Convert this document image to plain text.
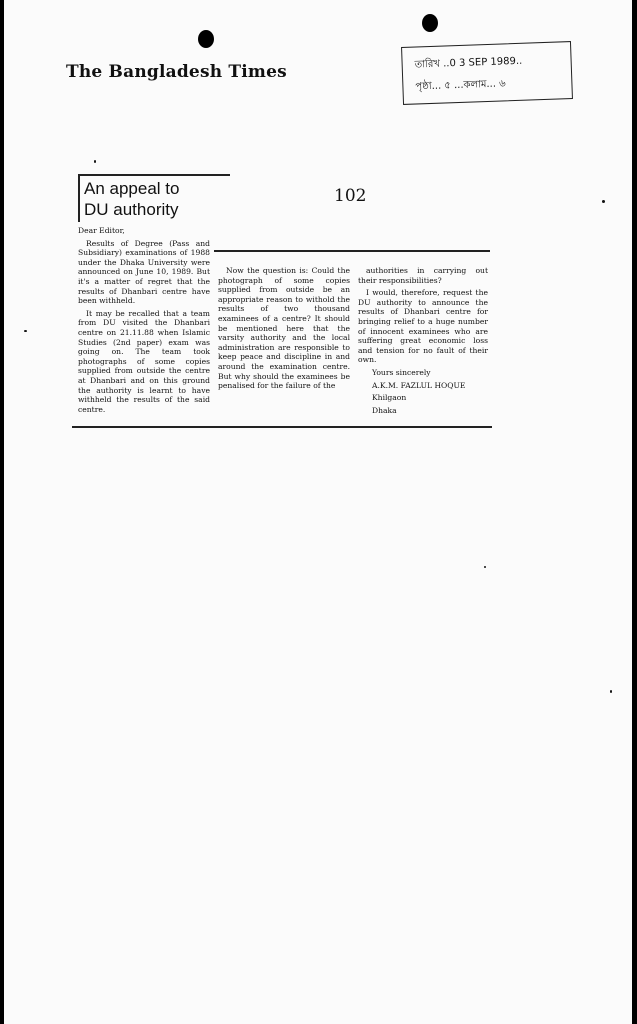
The Bangladesh Times	তারিখ ..0 3 SEP 1989..
পৃষ্ঠা... ৫ ...কলাম... ৬
102
An appeal to
DU authority

Dear Editor,

Results of Degree (Pass and Subsidiary) examinations of 1988 under the Dhaka University were announced on June 10, 1989. But it's a matter of regret that the results of Dhanbari centre have been withheld.

It may be recalled that a team from DU visited the Dhanbari centre on 21.11.88 when Islamic Studies (2nd paper) exam was going on. The team took photographs of some copies supplied from outside the centre at Dhanbari and on this ground the authority is learnt to have withheld the results of the said centre.

Now the question is: Could the photograph of some copies supplied from outside be an appropriate reason to withold the results of two thousand examinees of a centre? It should be mentioned here that the varsity authority and the local administration are responsible to keep peace and discipline in and around the examination centre. But why should the examinees be penalised for the failure of the

authorities in carrying out their responsibilities?

I would, therefore, request the DU authority to announce the results of Dhanbari centre for bringing relief to a huge number of innocent examinees who are suffering great economic loss and tension for no fault of their own.

Yours sincerely

A.K.M. FAZLUL HOQUE

Khilgaon

Dhaka
